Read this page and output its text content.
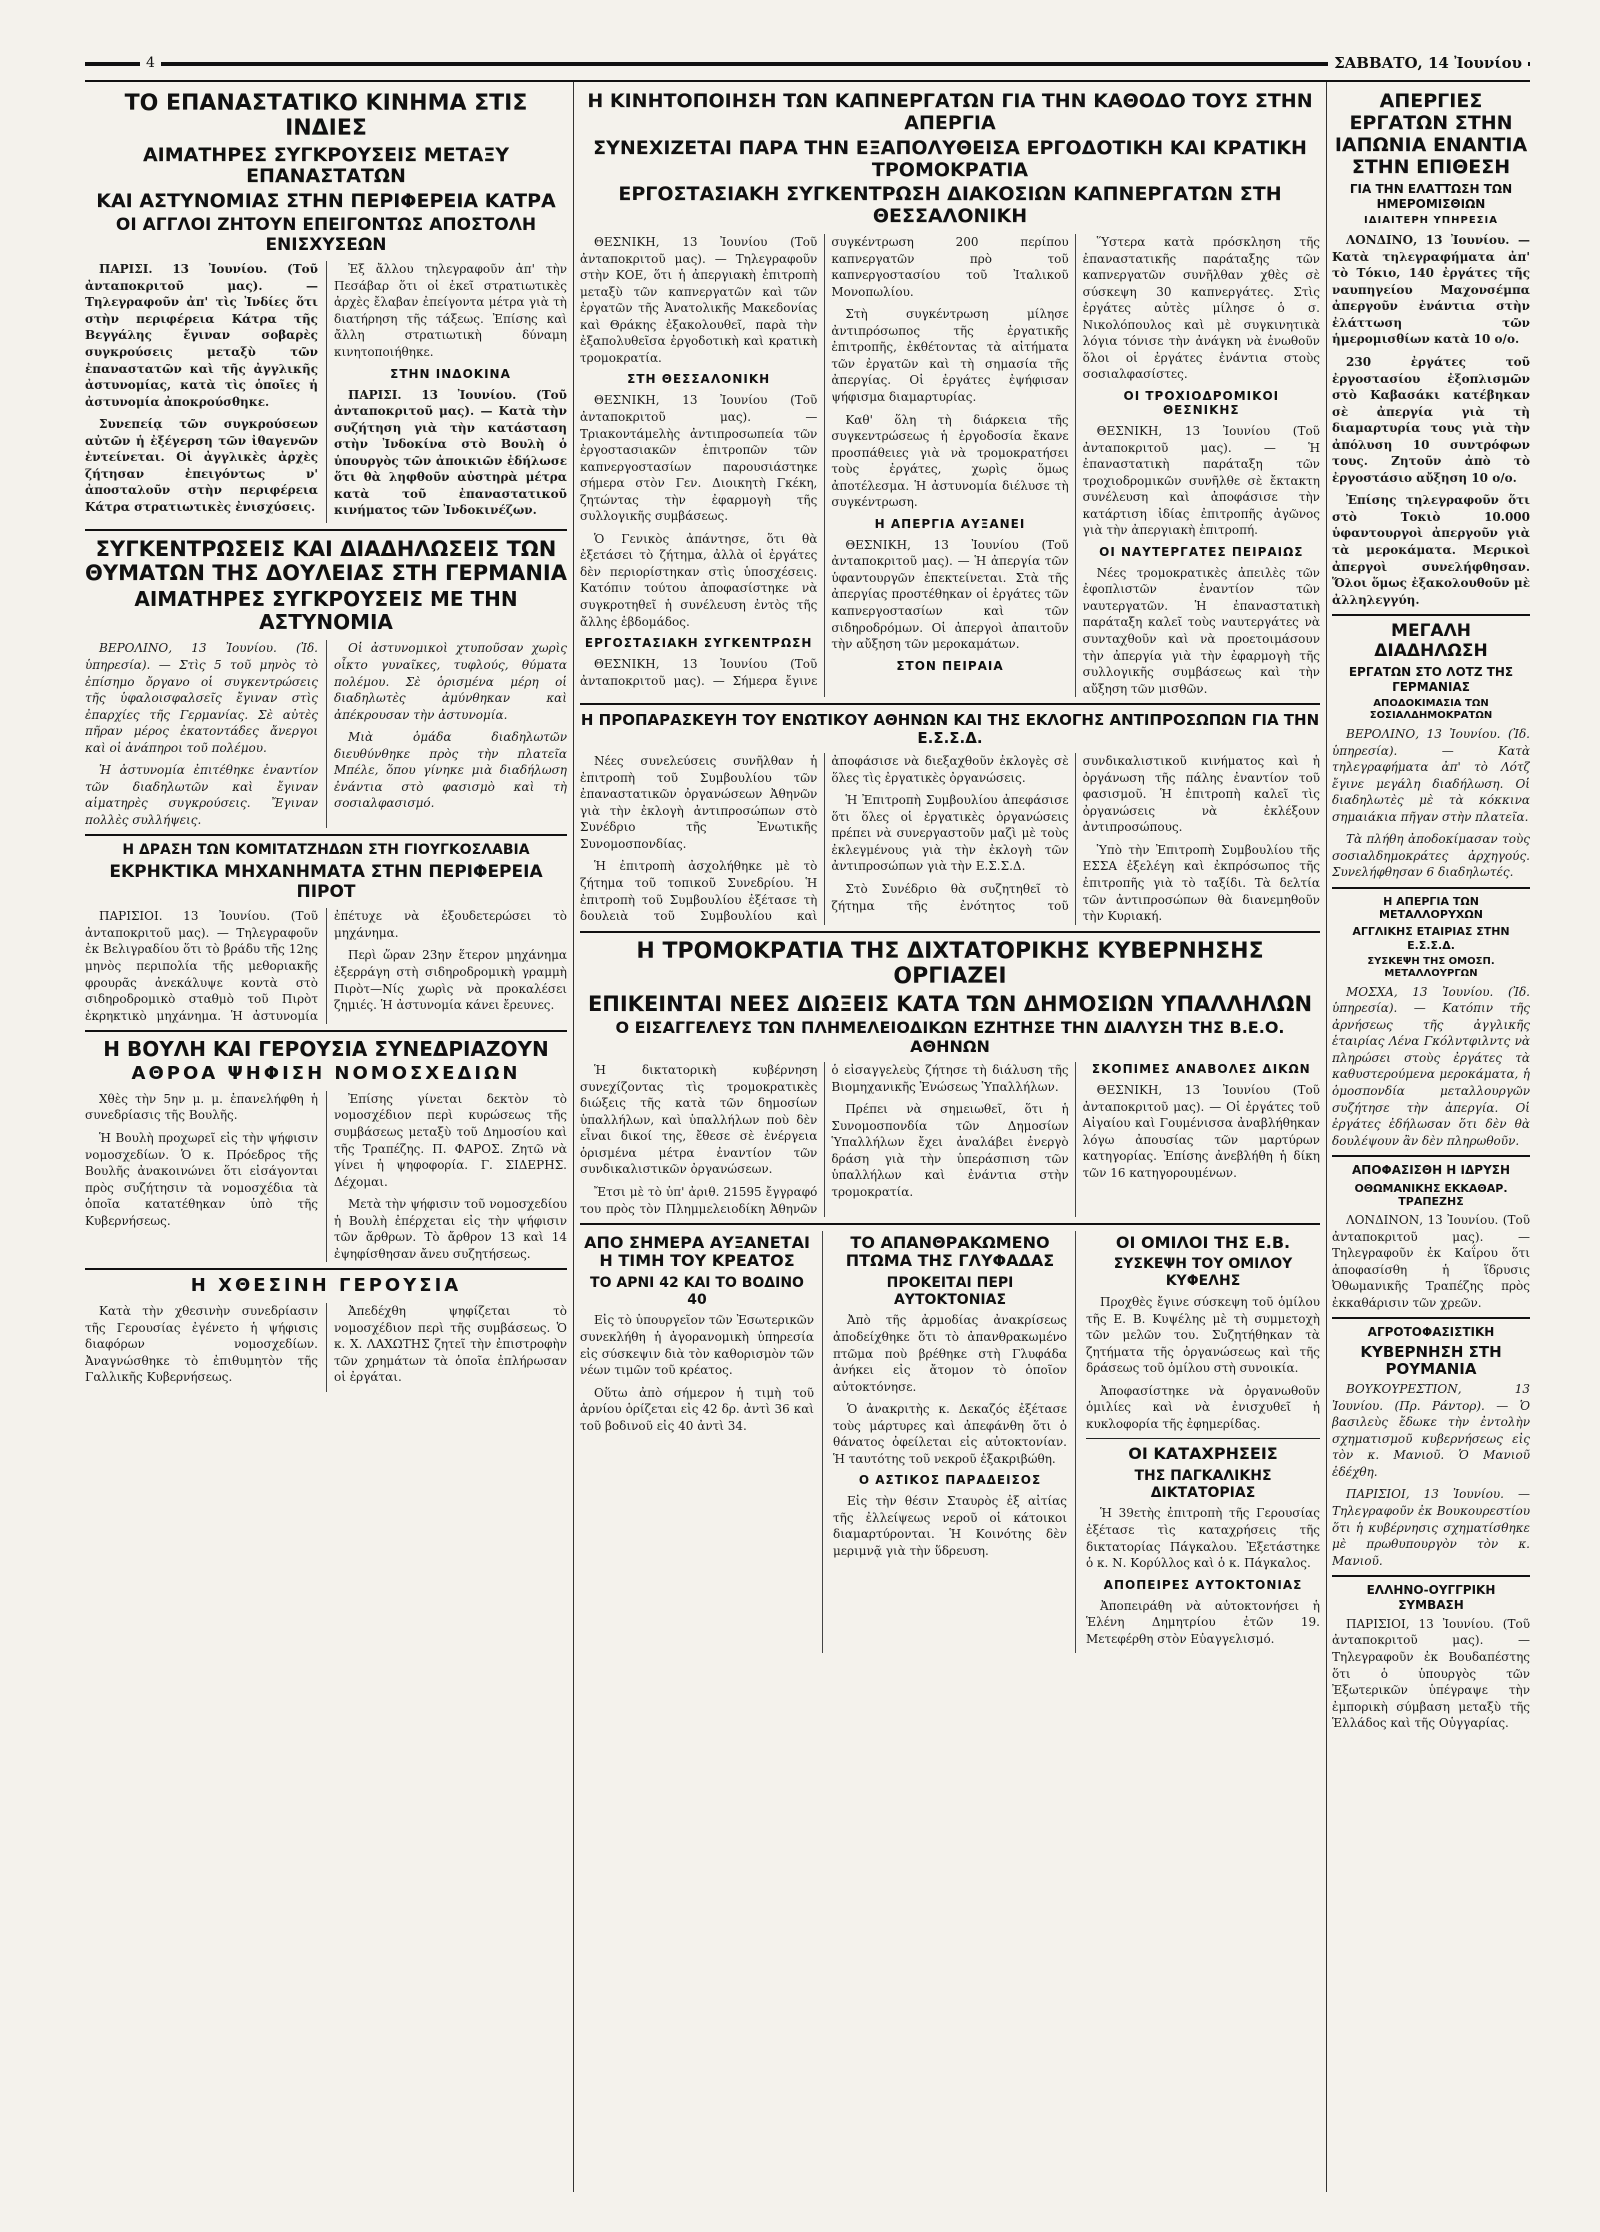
4	ΣΑΒΒΑΤΟ, 14 Ἰουνίου
ΤΟ ΕΠΑΝΑΣΤΑΤΙΚΟ ΚΙΝΗΜΑ ΣΤΙΣ ΙΝΔΙΕΣ
ΑΙΜΑΤΗΡΕΣ ΣΥΓΚΡΟΥΣΕΙΣ ΜΕΤΑΞΥ ΕΠΑΝΑΣΤΑΤΩΝ
ΚΑΙ ΑΣΤΥΝΟΜΙΑΣ ΣΤΗΝ ΠΕΡΙΦΕΡΕΙΑ ΚΑΤΡΑ
ΟΙ ΑΓΓΛΟΙ ΖΗΤΟΥΝ ΕΠΕΙΓΟΝΤΩΣ ΑΠΟΣΤΟΛΗ ΕΝΙΣΧΥΣΕΩΝ

ΠΑΡΙΣΙ. 13 Ἰουνίου. (Τοῦ ἀνταποκριτοῦ μας). — Τηλεγραφοῦν ἀπ' τὶς Ἰνδίες ὅτι στὴν περιφέρεια Κάτρα τῆς Βεγγάλης ἔγιναν σοβαρὲς συγκρούσεις μεταξὺ τῶν ἐπαναστατῶν καὶ τῆς ἀγγλικῆς ἀστυνομίας, κατὰ τὶς ὁποῖες ἡ ἀστυνομία ἀποκρούσθηκε.

Συνεπείᾳ τῶν συγκρούσεων αὐτῶν ἡ ἐξέγερση τῶν ἰθαγενῶν ἐντείνεται. Οἱ ἀγγλικὲς ἀρχὲς ζήτησαν ἐπειγόντως ν' ἀποσταλοῦν στὴν περιφέρεια Κάτρα στρατιωτικὲς ἐνισχύσεις.

Ἐξ ἄλλου τηλεγραφοῦν ἀπ' τὴν Πεσάβαρ ὅτι οἱ ἐκεῖ στρατιωτικὲς ἀρχὲς ἔλαβαν ἐπείγοντα μέτρα γιὰ τὴ διατήρηση τῆς τάξεως. Ἐπίσης καὶ ἄλλη στρατιωτικὴ δύναμη κινητοποιήθηκε.

ΣΤΗΝ ΙΝΔΟΚΙΝΑ

ΠΑΡΙΣΙ. 13 Ἰουνίου. (Τοῦ ἀνταποκριτοῦ μας). — Κατὰ τὴν συζήτηση γιὰ τὴν κατάσταση στὴν Ἰνδοκίνα στὸ Βουλὴ ὁ ὑπουργὸς τῶν ἀποικιῶν ἐδήλωσε ὅτι θὰ ληφθοῦν αὐστηρὰ μέτρα κατὰ τοῦ ἐπαναστατικοῦ κινήματος τῶν Ἰνδοκινέζων.

ΣΥΓΚΕΝΤΡΩΣΕΙΣ ΚΑΙ ΔΙΑΔΗΛΩΣΕΙΣ ΤΩΝ ΘΥΜΑΤΩΝ ΤΗΣ ΔΟΥΛΕΙΑΣ ΣΤΗ ΓΕΡΜΑΝΙΑ
ΑΙΜΑΤΗΡΕΣ ΣΥΓΚΡΟΥΣΕΙΣ ΜΕ ΤΗΝ ΑΣΤΥΝΟΜΙΑ

ΒΕΡΟΛΙΝΟ, 13 Ἰουνίου. (Ἰδ. ὑπηρεσία). — Στὶς 5 τοῦ μηνὸς τὸ ἐπίσημο ὄργανο οἱ συγκεντρώσεις τῆς ὑφαλοισφαλσεῖς ἔγιναν στὶς ἐπαρχίες τῆς Γερμανίας. Σὲ αὐτὲς πῆραν μέρος ἐκατοντάδες ἄνεργοι καὶ οἱ ἀνάπηροι τοῦ πολέμου.

Ἡ ἀστυνομία ἐπιτέθηκε ἐναντίον τῶν διαδηλωτῶν καὶ ἔγιναν αἱματηρὲς συγκρούσεις. Ἔγιναν πολλὲς συλλήψεις.

Οἱ ἀστυνομικοὶ χτυποῦσαν χωρὶς οἶκτο γυναῖκες, τυφλούς, θύματα πολέμου. Σὲ ὁρισμένα μέρη οἱ διαδηλωτὲς ἀμύνθηκαν καὶ ἀπέκρουσαν τὴν ἀστυνομία.

Μιὰ ὁμάδα διαδηλωτῶν διευθύνθηκε πρὸς τὴν πλατεῖα Μπέλε, ὅπου γίνηκε μιὰ διαδήλωση ἐνάντια στὸ φασισμὸ καὶ τὴ σοσιαλφασισμό.

Η ΔΡΑΣΗ ΤΩΝ ΚΟΜΙΤΑΤΖΗΔΩΝ ΣΤΗ ΓΙΟΥΓΚΟΣΛΑΒΙΑ
ΕΚΡΗΚΤΙΚΑ ΜΗΧΑΝΗΜΑΤΑ ΣΤΗΝ ΠΕΡΙΦΕΡΕΙΑ ΠΙΡΟΤ

ΠΑΡΙΣΙΟΙ. 13 Ἰουνίου. (Τοῦ ἀνταποκριτοῦ μας). — Τηλεγραφοῦν ἐκ Βελιγραδίου ὅτι τὸ βράδυ τῆς 12ης μηνὸς περιπολία τῆς μεθοριακῆς φρουρᾶς ἀνεκάλυψε κοντὰ στὸ σιδηροδρομικὸ σταθμὸ τοῦ Πιρὸτ ἐκρηκτικὸ μηχάνημα. Ἡ ἀστυνομία ἐπέτυχε νὰ ἐξουδετερώσει τὸ μηχάνημα.

Περὶ ὥραν 23ην ἕτερον μηχάνημα ἐξερράγη στὴ σιδηροδρομικὴ γραμμὴ Πιρὸτ—Νίς χωρὶς νὰ προκαλέσει ζημιές. Ἡ ἀστυνομία κάνει ἔρευνες.

Η ΒΟΥΛΗ ΚΑΙ ΓΕΡΟΥΣΙΑ ΣΥΝΕΔΡΙΑΖΟΥΝ
ΑΘΡΟΑ ΨΗΦΙΣΗ ΝΟΜΟΣΧΕΔΙΩΝ

Χθὲς τὴν 5ην μ. μ. ἐπανελήφθη ἡ συνεδρίασις τῆς Βουλῆς.

Ἡ Βουλὴ προχωρεῖ εἰς τὴν ψήφισιν νομοσχεδίων. Ὁ κ. Πρόεδρος τῆς Βουλῆς ἀνακοινώνει ὅτι εἰσάγονται πρὸς συζήτησιν τὰ νομοσχέδια τὰ ὁποῖα κατατέθηκαν ὑπὸ τῆς Κυβερνήσεως.

Ἐπίσης γίνεται δεκτὸν τὸ νομοσχέδιον περὶ κυρώσεως τῆς συμβάσεως μεταξὺ τοῦ Δημοσίου καὶ τῆς Τραπέζης. Π. ΦΑΡΟΣ. Ζητῶ νὰ γίνει ἡ ψηφοφορία. Γ. ΣΙΔΕΡΗΣ. Δέχομαι.

Μετὰ τὴν ψήφισιν τοῦ νομοσχεδίου ἡ Βουλὴ ἐπέρχεται εἰς τὴν ψήφισιν τῶν ἄρθρων. Τὸ ἄρθρον 13 καὶ 14 ἐψηφίσθησαν ἄνευ συζητήσεως.

Η ΧΘΕΣΙΝΗ ΓΕΡΟΥΣΙΑ

Κατὰ τὴν χθεσινὴν συνεδρίασιν τῆς Γερουσίας ἐγένετο ἡ ψήφισις διαφόρων νομοσχεδίων. Ἀναγνώσθηκε τὸ ἐπιθυμητὸν τῆς Γαλλικῆς Κυβερνήσεως.

Ἀπεδέχθη ψηφίζεται τὸ νομοσχέδιον περὶ τῆς συμβάσεως. Ὁ κ. Χ. ΛΑΧΩΤΗΣ ζητεῖ τὴν ἐπιστροφὴν τῶν χρημάτων τὰ ὁποῖα ἐπλήρωσαν οἱ ἐργάται.

Η ΚΙΝΗΤΟΠΟΙΗΣΗ ΤΩΝ ΚΑΠΝΕΡΓΑΤΩΝ ΓΙΑ ΤΗΝ ΚΑΘΟΔΟ ΤΟΥΣ ΣΤΗΝ ΑΠΕΡΓΙΑ
ΣΥΝΕΧΙΖΕΤΑΙ ΠΑΡΑ ΤΗΝ ΕΞΑΠΟΛΥΘΕΙΣΑ ΕΡΓΟΔΟΤΙΚΗ ΚΑΙ ΚΡΑΤΙΚΗ ΤΡΟΜΟΚΡΑΤΙΑ
ΕΡΓΟΣΤΑΣΙΑΚΗ ΣΥΓΚΕΝΤΡΩΣΗ ΔΙΑΚΟΣΙΩΝ ΚΑΠΝΕΡΓΑΤΩΝ ΣΤΗ ΘΕΣΣΑΛΟΝΙΚΗ

ΘΕΣΝΙΚΗ, 13 Ἰουνίου (Τοῦ ἀνταποκριτοῦ μας). — Τηλεγραφοῦν στὴν ΚΟΕ, ὅτι ἡ ἀπεργιακὴ ἐπιτροπὴ μεταξὺ τῶν καπνεργατῶν καὶ τῶν ἐργατῶν τῆς Ἀνατολικῆς Μακεδονίας καὶ Θράκης ἐξακολουθεῖ, παρὰ τὴν ἐξαπολυθεῖσα ἐργοδοτικὴ καὶ κρατικὴ τρομοκρατία.

ΣΤΗ ΘΕΣΣΑΛΟΝΙΚΗ

ΘΕΣΝΙΚΗ, 13 Ἰουνίου (Τοῦ ἀνταποκριτοῦ μας). — Τριακοντάμελὴς ἀντιπροσωπεία τῶν ἐργοστασιακῶν ἐπιτροπῶν τῶν καπνεργοστασίων παρουσιάστηκε σήμερα στὸν Γεν. Διοικητὴ Γκέκη, ζητώντας τὴν ἐφαρμογὴ τῆς συλλογικῆς συμβάσεως.

Ὁ Γενικὸς ἀπάντησε, ὅτι θὰ ἐξετάσει τὸ ζήτημα, ἀλλὰ οἱ ἐργάτες δὲν περιορίστηκαν στὶς ὑποσχέσεις. Κατόπιν τούτου ἀποφασίστηκε νὰ συγκροτηθεῖ ἡ συνέλευση ἐντὸς τῆς ἄλλης ἑβδομάδος.

ΕΡΓΟΣΤΑΣΙΑΚΗ ΣΥΓΚΕΝΤΡΩΣΗ

ΘΕΣΝΙΚΗ, 13 Ἰουνίου (Τοῦ ἀνταποκριτοῦ μας). — Σήμερα ἔγινε συγκέντρωση 200 περίπου καπνεργατῶν πρὸ τοῦ καπνεργοστασίου τοῦ Ἰταλικοῦ Μονοπωλίου.

Στὴ συγκέντρωση μίλησε ἀντιπρόσωπος τῆς ἐργατικῆς ἐπιτροπῆς, ἐκθέτοντας τὰ αἰτήματα τῶν ἐργατῶν καὶ τὴ σημασία τῆς ἀπεργίας. Οἱ ἐργάτες ἐψήφισαν ψήφισμα διαμαρτυρίας.

Καθ' ὅλη τὴ διάρκεια τῆς συγκεντρώσεως ἡ ἐργοδοσία ἔκανε προσπάθειες γιὰ νὰ τρομοκρατήσει τοὺς ἐργάτες, χωρὶς ὅμως ἀποτέλεσμα. Ἡ ἀστυνομία διέλυσε τὴ συγκέντρωση.

Η ΑΠΕΡΓΙΑ ΑΥΞΑΝΕΙ

ΘΕΣΝΙΚΗ, 13 Ἰουνίου (Τοῦ ἀνταποκριτοῦ μας). — Ἡ ἀπεργία τῶν ὑφαντουργῶν ἐπεκτείνεται. Στὰ τῆς ἀπεργίας προστέθηκαν οἱ ἐργάτες τῶν καπνεργοστασίων καὶ τῶν σιδηροδρόμων. Οἱ ἀπεργοὶ ἀπαιτοῦν τὴν αὔξηση τῶν μεροκαμάτων.

ΣΤΟΝ ΠΕΙΡΑΙΑ

Ὕστερα κατὰ πρόσκληση τῆς ἐπαναστατικῆς παράταξης τῶν καπνεργατῶν συνῆλθαν χθὲς σὲ σύσκεψη 30 καπνεργάτες. Στὶς ἐργάτες αὐτὲς μίλησε ὁ σ. Νικολόπουλος καὶ μὲ συγκινητικὰ λόγια τόνισε τὴν ἀνάγκη νὰ ἑνωθοῦν ὅλοι οἱ ἐργάτες ἐνάντια στοὺς σοσιαλφασίστες.

ΟΙ ΤΡΟΧΙΟΔΡΟΜΙΚΟΙ ΘΕΣΝΙΚΗΣ

ΘΕΣΝΙΚΗ, 13 Ἰουνίου (Τοῦ ἀνταποκριτοῦ μας). — Ἡ ἐπαναστατικὴ παράταξη τῶν τροχιοδρομικῶν συνῆλθε σὲ ἔκτακτη συνέλευση καὶ ἀποφάσισε τὴν κατάρτιση ἰδίας ἐπιτροπῆς ἀγῶνος γιὰ τὴν ἀπεργιακὴ ἐπιτροπή.

ΟΙ ΝΑΥΤΕΡΓΑΤΕΣ ΠΕΙΡΑΙΩΣ

Νέες τρομοκρατικὲς ἀπειλὲς τῶν ἐφοπλιστῶν ἐναντίον τῶν ναυτεργατῶν. Ἡ ἐπαναστατικὴ παράταξη καλεῖ τοὺς ναυτεργάτες νὰ συνταχθοῦν καὶ νὰ προετοιμάσουν τὴν ἀπεργία γιὰ τὴν ἐφαρμογὴ τῆς συλλογικῆς συμβάσεως καὶ τὴν αὔξηση τῶν μισθῶν.

Η ΠΡΟΠΑΡΑΣΚΕΥΗ ΤΟΥ ΕΝΩΤΙΚΟΥ ΑΘΗΝΩΝ ΚΑΙ ΤΗΣ ΕΚΛΟΓΗΣ ΑΝΤΙΠΡΟΣΩΠΩΝ ΓΙΑ ΤΗΝ Ε.Σ.Σ.Δ.

Νέες συνελεύσεις συνῆλθαν ἡ ἐπιτροπὴ τοῦ Συμβουλίου τῶν ἐπαναστατικῶν ὀργανώσεων Ἀθηνῶν γιὰ τὴν ἐκλογὴ ἀντιπροσώπων στὸ Συνέδριο τῆς Ἐνωτικῆς Συνομοσπονδίας.

Ἡ ἐπιτροπὴ ἀσχολήθηκε μὲ τὸ ζήτημα τοῦ τοπικοῦ Συνεδρίου. Ἡ ἐπιτροπὴ τοῦ Συμβουλίου ἐξέτασε τὴ δουλειὰ τοῦ Συμβουλίου καὶ ἀποφάσισε νὰ διεξαχθοῦν ἐκλογὲς σὲ ὅλες τὶς ἐργατικὲς ὀργανώσεις.

Ἡ Ἐπιτροπὴ Συμβουλίου ἀπεφάσισε ὅτι ὅλες οἱ ἐργατικὲς ὀργανώσεις πρέπει νὰ συνεργαστοῦν μαζὶ μὲ τοὺς ἐκλεγμένους γιὰ τὴν ἐκλογὴ τῶν ἀντιπροσώπων γιὰ τὴν Ε.Σ.Σ.Δ.

Στὸ Συνέδριο θὰ συζητηθεῖ τὸ ζήτημα τῆς ἐνότητος τοῦ συνδικαλιστικοῦ κινήματος καὶ ἡ ὀργάνωση τῆς πάλης ἐναντίον τοῦ φασισμοῦ. Ἡ ἐπιτροπὴ καλεῖ τὶς ὀργανώσεις νὰ ἐκλέξουν ἀντιπροσώπους.

Ὑπὸ τὴν Ἐπιτροπὴ Συμβουλίου τῆς ΕΣΣΑ ἐξελέγη καὶ ἐκπρόσωπος τῆς ἐπιτροπῆς γιὰ τὸ ταξίδι. Τὰ δελτία τῶν ἀντιπροσώπων θὰ διανεμηθοῦν τὴν Κυριακή.

Η ΤΡΟΜΟΚΡΑΤΙΑ ΤΗΣ ΔΙΧΤΑΤΟΡΙΚΗΣ ΚΥΒΕΡΝΗΣΗΣ ΟΡΓΙΑΖΕΙ
ΕΠΙΚΕΙΝΤΑΙ ΝΕΕΣ ΔΙΩΞΕΙΣ ΚΑΤΑ ΤΩΝ ΔΗΜΟΣΙΩΝ ΥΠΑΛΛΗΛΩΝ
Ο ΕΙΣΑΓΓΕΛΕΥΣ ΤΩΝ ΠΛΗΜΕΛΕΙΟΔΙΚΩΝ ΕΖΗΤΗΣΕ ΤΗΝ ΔΙΑΛΥΣΗ ΤΗΣ Β.Ε.Ο. ΑΘΗΝΩΝ

Ἡ δικτατορικὴ κυβέρνηση συνεχίζοντας τὶς τρομοκρατικὲς διώξεις τῆς κατὰ τῶν δημοσίων ὑπαλλήλων, καὶ ὑπαλλήλων ποὺ δὲν εἶναι δικοί της, ἔθεσε σὲ ἐνέργεια ὁρισμένα μέτρα ἐναντίον τῶν συνδικαλιστικῶν ὀργανώσεων.

Ἔτσι μὲ τὸ ὑπ' ἀριθ. 21595 ἔγγραφό του πρὸς τὸν Πλημμελειοδίκη Ἀθηνῶν ὁ εἰσαγγελεὺς ζήτησε τὴ διάλυση τῆς Βιομηχανικῆς Ἑνώσεως Ὑπαλλήλων.

Πρέπει νὰ σημειωθεῖ, ὅτι ἡ Συνομοσπονδία τῶν Δημοσίων Ὑπαλλήλων ἔχει ἀναλάβει ἐνεργὸ δράση γιὰ τὴν ὑπεράσπιση τῶν ὑπαλλήλων καὶ ἐνάντια στὴν τρομοκρατία.

ΣΚΟΠΙΜΕΣ ΑΝΑΒΟΛΕΣ ΔΙΚΩΝ

ΘΕΣΝΙΚΗ, 13 Ἰουνίου (Τοῦ ἀνταποκριτοῦ μας). — Οἱ ἐργάτες τοῦ Αἰγαίου καὶ Γουμένισσα ἀναβλήθηκαν λόγω ἀπουσίας τῶν μαρτύρων κατηγορίας. Ἐπίσης ἀνεβλήθη ἡ δίκη τῶν 16 κατηγορουμένων.

ΑΠΟ ΣΗΜΕΡΑ ΑΥΞΑΝΕΤΑΙ Η ΤΙΜΗ ΤΟΥ ΚΡΕΑΤΟΣ
ΤΟ ΑΡΝΙ 42 ΚΑΙ ΤΟ ΒΟΔΙΝΟ 40

Εἰς τὸ ὑπουργεῖον τῶν Ἐσωτερικῶν συνεκλήθη ἡ ἀγορανομικὴ ὑπηρεσία εἰς σύσκεψιν διὰ τὸν καθορισμὸν τῶν νέων τιμῶν τοῦ κρέατος.

Οὕτω ἀπὸ σήμερον ἡ τιμὴ τοῦ ἀρνίου ὁρίζεται εἰς 42 δρ. ἀντὶ 36 καὶ τοῦ βοδινοῦ εἰς 40 ἀντὶ 34.

ΤΟ ΑΠΑΝΘΡΑΚΩΜΕΝΟ ΠΤΩΜΑ ΤΗΣ ΓΛΥΦΑΔΑΣ
ΠΡΟΚΕΙΤΑΙ ΠΕΡΙ ΑΥΤΟΚΤΟΝΙΑΣ

Ἀπὸ τῆς ἀρμοδίας ἀνακρίσεως ἀποδείχθηκε ὅτι τὸ ἀπανθρακωμένο πτῶμα ποὺ βρέθηκε στὴ Γλυφάδα ἀνήκει εἰς ἄτομον τὸ ὁποῖον αὐτοκτόνησε.

Ὁ ἀνακριτὴς κ. Δεκαζός ἐξέτασε τοὺς μάρτυρες καὶ ἀπεφάνθη ὅτι ὁ θάνατος ὀφείλεται εἰς αὐτοκτονίαν. Ἡ ταυτότης τοῦ νεκροῦ ἐξακριβώθη.

Ο ΑΣΤΙΚΟΣ ΠΑΡΑΔΕΙΣΟΣ

Εἰς τὴν θέσιν Σταυρὸς ἐξ αἰτίας τῆς ἐλλείψεως νεροῦ οἱ κάτοικοι διαμαρτύρονται. Ἡ Κοινότης δὲν μεριμνᾷ γιὰ τὴν ὕδρευση.

ΟΙ ΟΜΙΛΟΙ ΤΗΣ Ε.Β.
ΣΥΣΚΕΨΗ ΤΟΥ ΟΜΙΛΟΥ ΚΥΦΕΛΗΣ

Προχθὲς ἔγινε σύσκεψη τοῦ ὁμίλου τῆς Ε. Β. Κυψέλης μὲ τὴ συμμετοχὴ τῶν μελῶν του. Συζητήθηκαν τὰ ζητήματα τῆς ὀργανώσεως καὶ τῆς δράσεως τοῦ ὁμίλου στὴ συνοικία.

Ἀποφασίστηκε νὰ ὀργανωθοῦν ὁμιλίες καὶ νὰ ἐνισχυθεῖ ἡ κυκλοφορία τῆς ἐφημερίδας.

ΟΙ ΚΑΤΑΧΡΗΣΕΙΣ
ΤΗΣ ΠΑΓΚΑΛΙΚΗΣ ΔΙΚΤΑΤΟΡΙΑΣ

Ἡ 39ετὴς ἐπιτροπὴ τῆς Γερουσίας ἐξέτασε τὶς καταχρήσεις τῆς δικτατορίας Πάγκαλου. Ἐξετάστηκε ὁ κ. Ν. Κορύλλος καὶ ὁ κ. Πάγκαλος.

ΑΠΟΠΕΙΡΕΣ ΑΥΤΟΚΤΟΝΙΑΣ

Ἀποπειράθη νὰ αὐτοκτονήσει ἡ Ἑλένη Δημητρίου ἐτῶν 19. Μετεφέρθη στὸν Εὐαγγελισμό.

ΑΠΕΡΓΙΕΣ ΕΡΓΑΤΩΝ ΣΤΗΝ ΙΑΠΩΝΙΑ ΕΝΑΝΤΙΑ ΣΤΗΝ ΕΠΙΘΕΣΗ
ΓΙΑ ΤΗΝ ΕΛΑΤΤΩΣΗ ΤΩΝ ΗΜΕΡΟΜΙΣΘΙΩΝ
ΙΔΙΑΙΤΕΡΗ ΥΠΗΡΕΣΙΑ

ΛΟΝΔΙΝΟ, 13 Ἰουνίου. — Κατὰ τηλεγραφήματα ἀπ' τὸ Τόκιο, 140 ἐργάτες τῆς ναυπηγείου Μαχονσέμπα ἀπεργοῦν ἐνάντια στὴν ἐλάττωση τῶν ἡμερομισθίων κατὰ 10 ο/ο.

230 ἐργάτες τοῦ ἐργοστασίου ἐξοπλισμῶν στὸ Καβασάκι κατέβηκαν σὲ ἀπεργία γιὰ τὴ διαμαρτυρία τους γιὰ τὴν ἀπόλυση 10 συντρόφων τους. Ζητοῦν ἀπὸ τὸ ἐργοστάσιο αὔξηση 10 ο/ο.

Ἐπίσης τηλεγραφοῦν ὅτι στὸ Τοκιὸ 10.000 ὑφαντουργοὶ ἀπεργοῦν γιὰ τὰ μεροκάματα. Μερικοὶ ἀπεργοὶ συνελήφθησαν. Ὅλοι ὅμως ἐξακολουθοῦν μὲ ἀλληλεγγύη.

ΜΕΓΑΛΗ ΔΙΑΔΗΛΩΣΗ
ΕΡΓΑΤΩΝ ΣΤΟ ΛΟΤΖ ΤΗΣ ΓΕΡΜΑΝΙΑΣ
ΑΠΟΔΟΚΙΜΑΣΙΑ ΤΩΝ ΣΟΣΙΑΛΔΗΜΟΚΡΑΤΩΝ

ΒΕΡΟΛΙΝΟ, 13 Ἰουνίου. (Ἰδ. ὑπηρεσία). — Κατὰ τηλεγραφήματα ἀπ' τὸ Λότζ ἔγινε μεγάλη διαδήλωση. Οἱ διαδηλωτὲς μὲ τὰ κόκκινα σημαιάκια πῆγαν στὴν πλατεῖα.

Τὰ πλήθη ἀποδοκίμασαν τοὺς σοσιαλδημοκράτες ἀρχηγούς. Συνελήφθησαν 6 διαδηλωτές.

Η ΑΠΕΡΓΙΑ ΤΩΝ ΜΕΤΑΛΛΟΡΥΧΩΝ
ΑΓΓΛΙΚΗΣ ΕΤΑΙΡΙΑΣ ΣΤΗΝ Ε.Σ.Σ.Δ.
ΣΥΣΚΕΨΗ ΤΗΣ ΟΜΟΣΠ. ΜΕΤΑΛΛΟΥΡΓΩΝ

ΜΟΣΧΑ, 13 Ἰουνίου. (Ἰδ. ὑπηρεσία). — Κατόπιν τῆς ἀρνήσεως τῆς ἀγγλικῆς ἑταιρίας Λένα Γκόλντφιλντς νὰ πληρώσει στοὺς ἐργάτες τὰ καθυστερούμενα μεροκάματα, ἡ ὁμοσπονδία μεταλλουργῶν συζήτησε τὴν ἀπεργία. Οἱ ἐργάτες ἐδήλωσαν ὅτι δὲν θὰ δουλέψουν ἂν δὲν πληρωθοῦν.

ΑΠΟΦΑΣΙΣΘΗ Η ΙΔΡΥΣΗ
ΟΘΩΜΑΝΙΚΗΣ ΕΚΚΑΘΑΡ. ΤΡΑΠΕΖΗΣ

ΛΟΝΔΙΝΟΝ, 13 Ἰουνίου. (Τοῦ ἀνταποκριτοῦ μας). — Τηλεγραφοῦν ἐκ Καΐρου ὅτι ἀποφασίσθη ἡ ἵδρυσις Ὀθωμανικῆς Τραπέζης πρὸς ἐκκαθάρισιν τῶν χρεῶν.

ΑΓΡΟΤΟΦΑΣΙΣΤΙΚΗ
ΚΥΒΕΡΝΗΣΗ ΣΤΗ ΡΟΥΜΑΝΙΑ

ΒΟΥΚΟΥΡΕΣΤΙΟΝ, 13 Ἰουνίου. (Πρ. Ράντορ). — Ὁ βασιλεὺς ἔδωκε τὴν ἐντολὴν σχηματισμοῦ κυβερνήσεως εἰς τὸν κ. Μανιοῦ. Ὁ Μανιοῦ ἐδέχθη.

ΠΑΡΙΣΙΟΙ, 13 Ἰουνίου. — Τηλεγραφοῦν ἐκ Βουκουρεστίου ὅτι ἡ κυβέρνησις σχηματίσθηκε μὲ πρωθυπουργὸν τὸν κ. Μανιοῦ.

ΕΛΛΗΝΟ-ΟΥΓΓΡΙΚΗ ΣΥΜΒΑΣΗ

ΠΑΡΙΣΙΟΙ, 13 Ἰουνίου. (Τοῦ ἀνταποκριτοῦ μας). — Τηλεγραφοῦν ἐκ Βουδαπέστης ὅτι ὁ ὑπουργὸς τῶν Ἐξωτερικῶν ὑπέγραψε τὴν ἐμπορικὴ σύμβαση μεταξὺ τῆς Ἑλλάδος καὶ τῆς Οὑγγαρίας.
